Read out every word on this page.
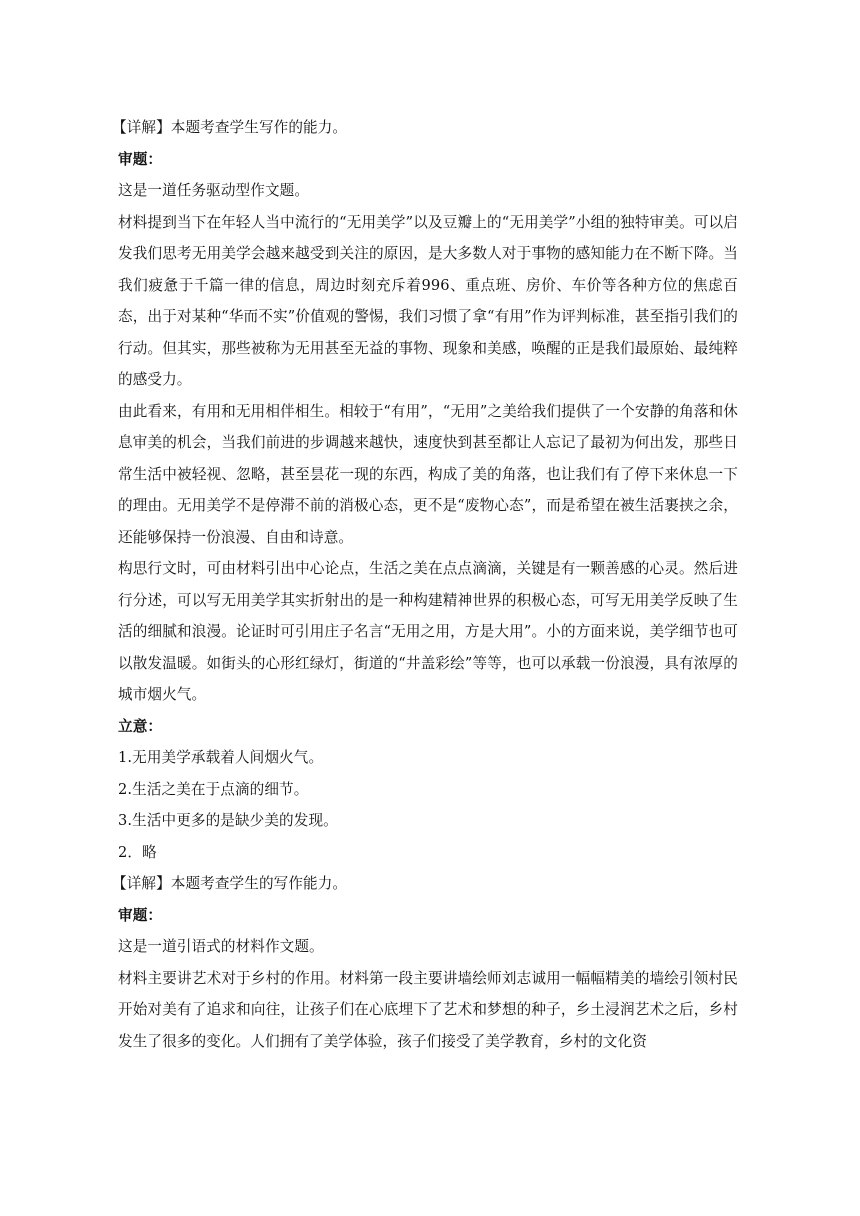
【详解】本题考查学生写作的能力。

审题：

这是一道任务驱动型作文题。

材料提到当下在年轻人当中流行的“无用美学”以及豆瓣上的“无用美学”小组的独特审美。可以启发我们思考无用美学会越来越受到关注的原因，是大多数人对于事物的感知能力在不断下降。当我们疲惫于千篇一律的信息，周边时刻充斥着996、重点班、房价、车价等各种方位的焦虑百态，出于对某种“华而不实”价值观的警惕，我们习惯了拿“有用”作为评判标准，甚至指引我们的行动。但其实，那些被称为无用甚至无益的事物、现象和美感，唤醒的正是我们最原始、最纯粹的感受力。

由此看来，有用和无用相伴相生。相较于“有用”，“无用”之美给我们提供了一个安静的角落和休息审美的机会，当我们前进的步调越来越快，速度快到甚至都让人忘记了最初为何出发，那些日常生活中被轻视、忽略，甚至昙花一现的东西，构成了美的角落，也让我们有了停下来休息一下的理由。无用美学不是停滞不前的消极心态，更不是“废物心态”，而是希望在被生活裹挟之余，还能够保持一份浪漫、自由和诗意。

构思行文时，可由材料引出中心论点，生活之美在点点滴滴，关键是有一颗善感的心灵。然后进行分述，可以写无用美学其实折射出的是一种构建精神世界的积极心态，可写无用美学反映了生活的细腻和浪漫。论证时可引用庄子名言“无用之用，方是大用”。小的方面来说，美学细节也可以散发温暖。如街头的心形红绿灯，街道的“井盖彩绘”等等，也可以承载一份浪漫，具有浓厚的城市烟火气。

立意：

1.无用美学承载着人间烟火气。

2.生活之美在于点滴的细节。

3.生活中更多的是缺少美的发现。

2．略

【详解】本题考查学生的写作能力。

审题：

这是一道引语式的材料作文题。

材料主要讲艺术对于乡村的作用。材料第一段主要讲墙绘师刘志诚用一幅幅精美的墙绘引领村民开始对美有了追求和向往，让孩子们在心底埋下了艺术和梦想的种子，乡土浸润艺术之后，乡村发生了很多的变化。人们拥有了美学体验，孩子们接受了美学教育，乡村的文化资
